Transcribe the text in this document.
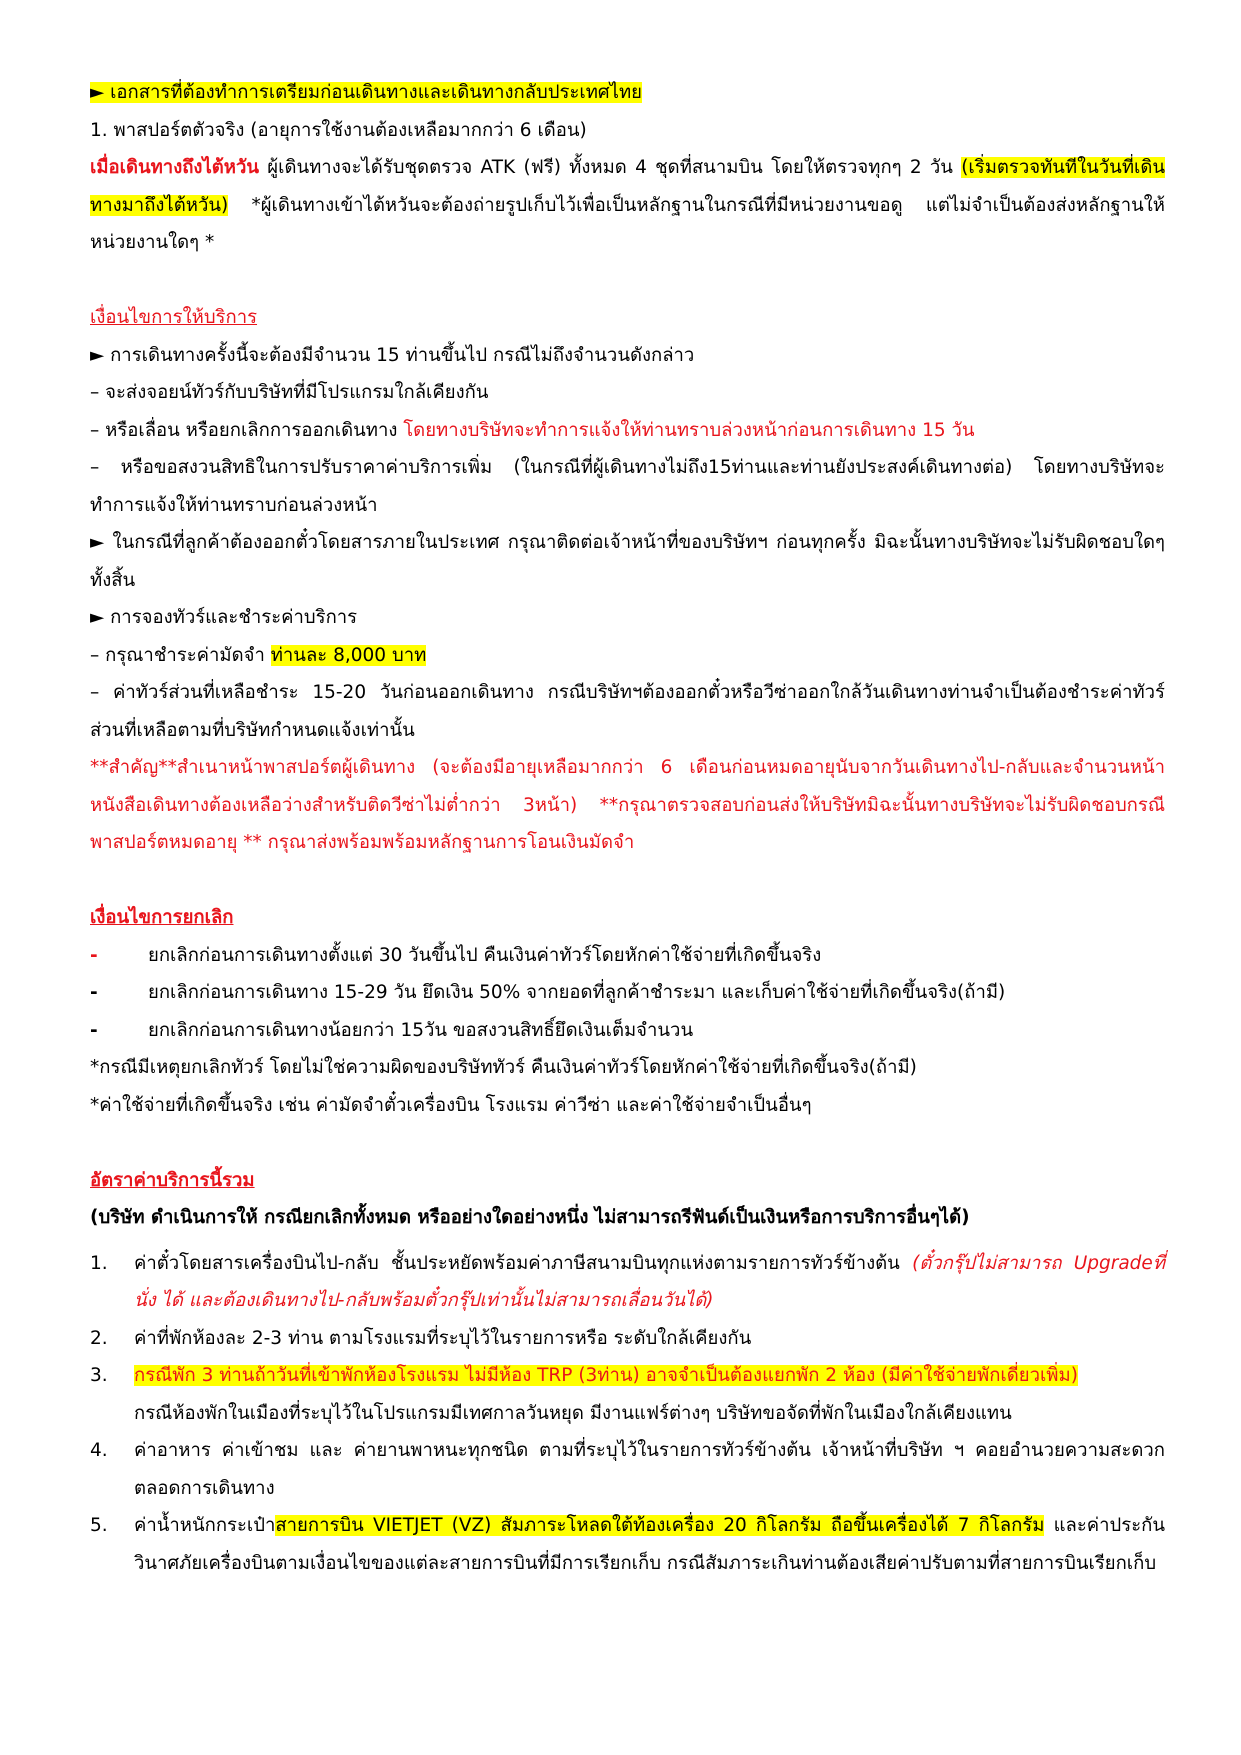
► เอกสารที่ต้องทำการเตรียมก่อนเดินทางและเดินทางกลับประเทศไทย
1. พาสปอร์ตตัวจริง (อายุการใช้งานต้องเหลือมากกว่า 6 เดือน)
เมื่อเดินทางถึงไต้หวัน ผู้เดินทางจะได้รับชุดตรวจ ATK (ฟรี) ทั้งหมด 4 ชุดที่สนามบิน โดยให้ตรวจทุกๆ 2 วัน (เริ่มตรวจทันทีในวันที่เดินทางมาถึงไต้หวัน) *ผู้เดินทางเข้าไต้หวันจะต้องถ่ายรูปเก็บไว้เพื่อเป็นหลักฐานในกรณีที่มีหน่วยงานขอดู แต่ไม่จำเป็นต้องส่งหลักฐานให้หน่วยงานใดๆ *
เงื่อนไขการให้บริการ
► การเดินทางครั้งนี้จะต้องมีจำนวน 15 ท่านขึ้นไป กรณีไม่ถึงจำนวนดังกล่าว
– จะส่งจอยน์ทัวร์กับบริษัทที่มีโปรแกรมใกล้เคียงกัน
– หรือเลื่อน หรือยกเลิกการออกเดินทาง โดยทางบริษัทจะทำการแจ้งให้ท่านทราบล่วงหน้าก่อนการเดินทาง 15 วัน
– หรือขอสงวนสิทธิในการปรับราคาค่าบริการเพิ่ม (ในกรณีที่ผู้เดินทางไม่ถึง15ท่านและท่านยังประสงค์เดินทางต่อ) โดยทางบริษัทจะทำการแจ้งให้ท่านทราบก่อนล่วงหน้า
► ในกรณีที่ลูกค้าต้องออกตั๋วโดยสารภายในประเทศ กรุณาติดต่อเจ้าหน้าที่ของบริษัทฯ ก่อนทุกครั้ง มิฉะนั้นทางบริษัทจะไม่รับผิดชอบใดๆ ทั้งสิ้น
► การจองทัวร์และชำระค่าบริการ
– กรุณาชำระค่ามัดจำ ท่านละ 8,000 บาท
– ค่าทัวร์ส่วนที่เหลือชำระ 15-20 วันก่อนออกเดินทาง กรณีบริษัทฯต้องออกตั๋วหรือวีซ่าออกใกล้วันเดินทางท่านจำเป็นต้องชำระค่าทัวร์ส่วนที่เหลือตามที่บริษัทกำหนดแจ้งเท่านั้น
**สำคัญ**สำเนาหน้าพาสปอร์ตผู้เดินทาง (จะต้องมีอายุเหลือมากกว่า 6 เดือนก่อนหมดอายุนับจากวันเดินทางไป-กลับและจำนวนหน้าหนังสือเดินทางต้องเหลือว่างสำหรับติดวีซ่าไม่ต่ำกว่า 3หน้า) **กรุณาตรวจสอบก่อนส่งให้บริษัทมิฉะนั้นทางบริษัทจะไม่รับผิดชอบกรณีพาสปอร์ตหมดอายุ ** กรุณาส่งพร้อมพร้อมหลักฐานการโอนเงินมัดจำ
เงื่อนไขการยกเลิก
-	ยกเลิกก่อนการเดินทางตั้งแต่ 30 วันขึ้นไป คืนเงินค่าทัวร์โดยหักค่าใช้จ่ายที่เกิดขึ้นจริง
-	ยกเลิกก่อนการเดินทาง 15-29 วัน ยึดเงิน 50% จากยอดที่ลูกค้าชำระมา และเก็บค่าใช้จ่ายที่เกิดขึ้นจริง(ถ้ามี)
-	ยกเลิกก่อนการเดินทางน้อยกว่า 15วัน ขอสงวนสิทธิ์ยึดเงินเต็มจำนวน
*กรณีมีเหตุยกเลิกทัวร์ โดยไม่ใช่ความผิดของบริษัททัวร์ คืนเงินค่าทัวร์โดยหักค่าใช้จ่ายที่เกิดขึ้นจริง(ถ้ามี)
*ค่าใช้จ่ายที่เกิดขึ้นจริง เช่น ค่ามัดจำตั๋วเครื่องบิน โรงแรม ค่าวีซ่า และค่าใช้จ่ายจำเป็นอื่นๆ
อัตราค่าบริการนี้รวม
(บริษัท ดำเนินการให้ กรณียกเลิกทั้งหมด หรืออย่างใดอย่างหนึ่ง ไม่สามารถรีฟันด์เป็นเงินหรือการบริการอื่นๆได้)
1.	ค่าตั๋วโดยสารเครื่องบินไป-กลับ ชั้นประหยัดพร้อมค่าภาษีสนามบินทุกแห่งตามรายการทัวร์ข้างต้น (ตั๋วกรุ๊ปไม่สามารถ Upgradeที่นั่ง ได้ และต้องเดินทางไป-กลับพร้อมตั๋วกรุ๊ปเท่านั้นไม่สามารถเลื่อนวันได้)
2.	ค่าที่พักห้องละ 2-3 ท่าน ตามโรงแรมที่ระบุไว้ในรายการหรือ ระดับใกล้เคียงกัน
3.	กรณีพัก 3 ท่านถ้าวันที่เข้าพักห้องโรงแรม ไม่มีห้อง TRP (3ท่าน) อาจจำเป็นต้องแยกพัก 2 ห้อง (มีค่าใช้จ่ายพักเดี่ยวเพิ่ม)
กรณีห้องพักในเมืองที่ระบุไว้ในโปรแกรมมีเทศกาลวันหยุด มีงานแฟร์ต่างๆ บริษัทขอจัดที่พักในเมืองใกล้เคียงแทน
4.	ค่าอาหาร ค่าเข้าชม และ ค่ายานพาหนะทุกชนิด ตามที่ระบุไว้ในรายการทัวร์ข้างต้น เจ้าหน้าที่บริษัท ฯ คอยอำนวยความสะดวกตลอดการเดินทาง
5.	ค่าน้ำหนักกระเป๋าสายการบิน VIETJET (VZ) สัมภาระโหลดใต้ท้องเครื่อง 20 กิโลกรัม ถือขึ้นเครื่องได้ 7 กิโลกรัม และค่าประกันวินาศภัยเครื่องบินตามเงื่อนไขของแต่ละสายการบินที่มีการเรียกเก็บ กรณีสัมภาระเกินท่านต้องเสียค่าปรับตามที่สายการบินเรียกเก็บ
